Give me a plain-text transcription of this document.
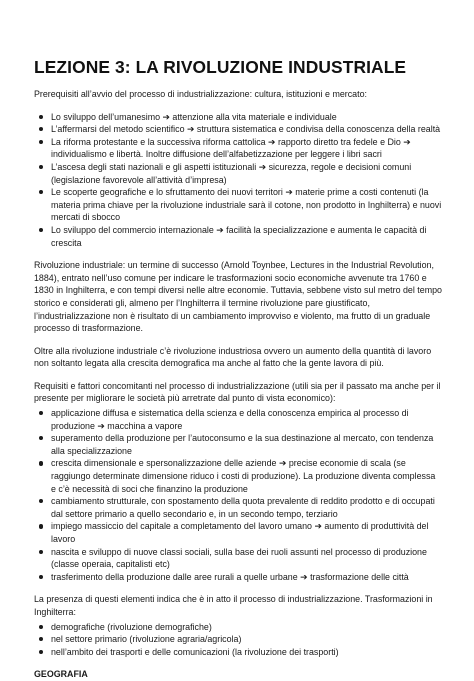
LEZIONE 3: LA RIVOLUZIONE INDUSTRIALE

Prerequisiti all’avvio del processo di industrializzazione: cultura, istituzioni e mercato:

Lo sviluppo dell’umanesimo ➔ attenzione alla vita materiale e individuale
L’affermarsi del metodo scientifico ➔ struttura sistematica e condivisa della conoscenza della realtà
La riforma protestante e la successiva riforma cattolica ➔ rapporto diretto tra fedele e Dio ➔ individualismo e libertà. Inoltre diffusione dell’alfabetizzazione per leggere i libri sacri
L’ascesa degli stati nazionali e gli aspetti istituzionali ➔ sicurezza, regole e decisioni comuni (legislazione favorevole all’attività d’impresa)
Le scoperte geografiche e lo sfruttamento dei nuovi territori ➔ materie prime a costi contenuti (la materia prima chiave per la rivoluzione industriale sarà il cotone, non prodotto in Inghilterra) e nuovi mercati di sbocco
Lo sviluppo del commercio internazionale ➔ facilità la specializzazione e aumenta le capacità di crescita

Rivoluzione industriale: un termine di successo (Arnold Toynbee, Lectures in the Industrial Revolution, 1884), entrato nell’uso comune per indicare le trasformazioni socio economiche avvenute tra 1760 e 1830 in Inghilterra, e con tempi diversi nelle altre economie. Tuttavia, sebbene visto sul metro del tempo storico e considerati gli, almeno per l’Inghilterra il termine rivoluzione pare giustificato, l’industrializzazione non è risultato di un cambiamento improvviso e violento, ma frutto di un graduale processo di trasformazione.

Oltre alla rivoluzione industriale c’è rivoluzione industriosa ovvero un aumento della quantità di lavoro non soltanto legata alla crescita demografica ma anche al fatto che la gente lavora di più.

Requisiti e fattori concomitanti nel processo di industrializzazione (utili sia per il passato ma anche per il presente per migliorare le società più arretrate dal punto di vista economico):

applicazione diffusa e sistematica della scienza e della conoscenza empirica al processo di produzione ➔ macchina a vapore
superamento della produzione per l’autoconsumo e la sua destinazione al mercato, con tendenza alla specializzazione
crescita dimensionale e spersonalizzazione delle aziende ➔ precise economie di scala (se raggiungo determinate dimensione riduco i costi di produzione). La produzione diventa complessa e c’è necessità di soci che finanzino la produzione
cambiamento strutturale, con spostamento della quota prevalente di reddito prodotto e di occupati dal settore primario a quello secondario e, in un secondo tempo, terziario
impiego massiccio del capitale a completamento del lavoro umano ➔ aumento di produttività del lavoro
nascita e sviluppo di nuove classi sociali, sulla base dei ruoli assunti nel processo di produzione (classe operaia, capitalisti etc)
trasferimento della produzione dalle aree rurali a quelle urbane ➔ trasformazione delle città

La presenza di questi elementi indica che è in atto il processo di industrializzazione. Trasformazioni in Inghilterra:

demografiche (rivoluzione demografiche)
nel settore primario (rivoluzione agraria/agricola)
nell’ambito dei trasporti e delle comunicazioni (la rivoluzione dei trasporti)
GEOGRAFIA
